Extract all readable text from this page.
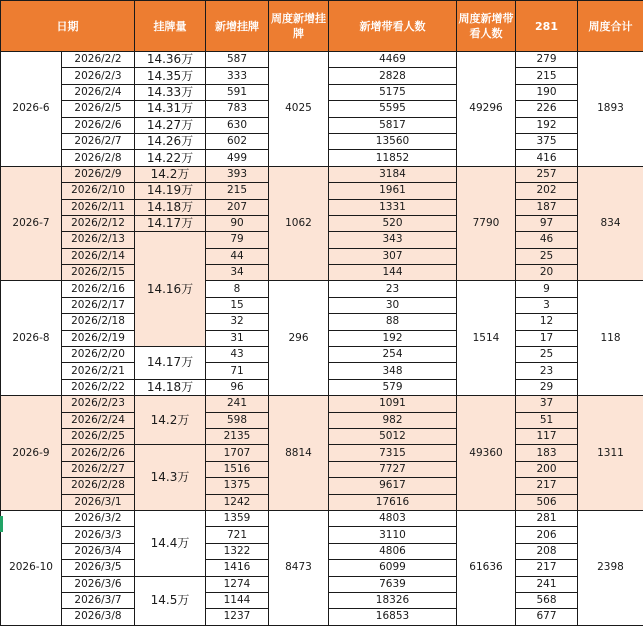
日期		挂牌量	新增挂牌	周度新增挂牌	新增带看人数	周度新增带看人数	281	周度合计
2026-6	2026/2/2	14.36万	587	4025	4469	49296	279	1893
	2026/2/3	14.35万	333		2828		215	
	2026/2/4	14.33万	591		5175		190	
	2026/2/5	14.31万	783		5595		226	
	2026/2/6	14.27万	630		5817		192	
	2026/2/7	14.26万	602		13560		375	
	2026/2/8	14.22万	499		11852		416	
2026-7	2026/2/9	14.2万	393	1062	3184	7790	257	834
	2026/2/10	14.19万	215		1961		202	
	2026/2/11	14.18万	207		1331		187	
	2026/2/12	14.17万	90		520		97	
	2026/2/13	14.16万	79		343		46	
	2026/2/14		44		307		25	
	2026/2/15		34		144		20	
2026-8	2026/2/16		8	296	23	1514	9	118
	2026/2/17		15		30		3	
	2026/2/18		32		88		12	
	2026/2/19		31		192		17	
	2026/2/20	14.17万	43		254		25	
	2026/2/21		71		348		23	
	2026/2/22	14.18万	96		579		29	
2026-9	2026/2/23	14.2万	241	8814	1091	49360	37	1311
	2026/2/24		598		982		51	
	2026/2/25		2135		5012		117	
	2026/2/26	14.3万	1707		7315		183	
	2026/2/27		1516		7727		200	
	2026/2/28		1375		9617		217	
	2026/3/1		1242		17616		506	
2026-10	2026/3/2	14.4万	1359	8473	4803	61636	281	2398
	2026/3/3		721		3110		206	
	2026/3/4		1322		4806		208	
	2026/3/5		1416		6099		217	
	2026/3/6	14.5万	1274		7639		241	
	2026/3/7		1144		18326		568	
	2026/3/8		1237		16853		677	
